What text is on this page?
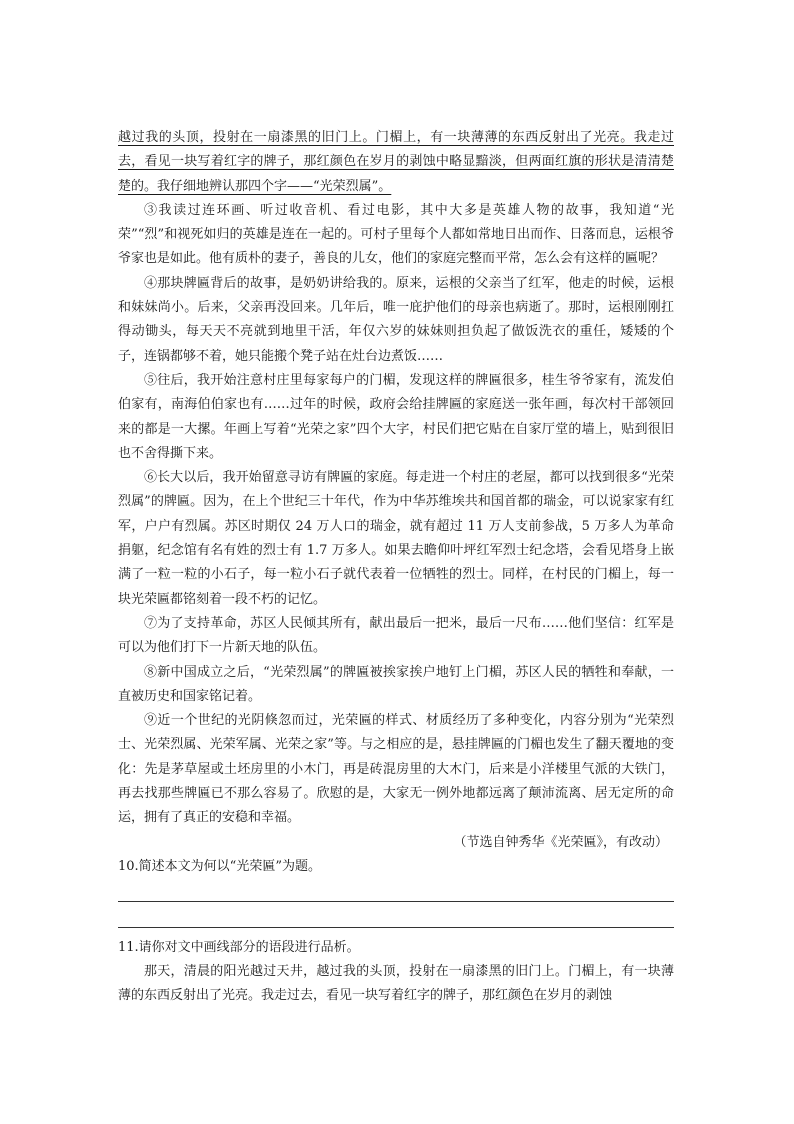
越过我的头顶，投射在一扇漆黑的旧门上。门楣上，有一块薄薄的东西反射出了光亮。我走过去，看见一块写着红字的牌子，那红颜色在岁月的剥蚀中略显黯淡，但两面红旗的形状是清清楚楚的。我仔细地辨认那四个字——“光荣烈属”。

③我读过连环画、听过收音机、看过电影，其中大多是英雄人物的故事，我知道“光荣”“烈”和视死如归的英雄是连在一起的。可村子里每个人都如常地日出而作、日落而息，运根爷爷家也是如此。他有质朴的妻子，善良的儿女，他们的家庭完整而平常，怎么会有这样的匾呢？

④那块牌匾背后的故事，是奶奶讲给我的。原来，运根的父亲当了红军，他走的时候，运根和妹妹尚小。后来，父亲再没回来。几年后，唯一庇护他们的母亲也病逝了。那时，运根刚刚扛得动锄头，每天天不亮就到地里干活，年仅六岁的妹妹则担负起了做饭洗衣的重任，矮矮的个子，连锅都够不着，她只能搬个凳子站在灶台边煮饭……

⑤往后，我开始注意村庄里每家每户的门楣，发现这样的牌匾很多，桂生爷爷家有，流发伯伯家有，南海伯伯家也有……过年的时候，政府会给挂牌匾的家庭送一张年画，每次村干部领回来的都是一大摞。年画上写着“光荣之家”四个大字，村民们把它贴在自家厅堂的墙上，贴到很旧也不舍得撕下来。

⑥长大以后，我开始留意寻访有牌匾的家庭。每走进一个村庄的老屋，都可以找到很多“光荣烈属”的牌匾。因为，在上个世纪三十年代，作为中华苏维埃共和国首都的瑞金，可以说家家有红军，户户有烈属。苏区时期仅 24 万人口的瑞金，就有超过 11 万人支前参战，5 万多人为革命捐躯，纪念馆有名有姓的烈士有 1.7 万多人。如果去瞻仰叶坪红军烈士纪念塔，会看见塔身上嵌满了一粒一粒的小石子，每一粒小石子就代表着一位牺牲的烈士。同样，在村民的门楣上，每一块光荣匾都铭刻着一段不朽的记忆。

⑦为了支持革命，苏区人民倾其所有，献出最后一把米，最后一尺布……他们坚信：红军是可以为他们打下一片新天地的队伍。

⑧新中国成立之后，“光荣烈属”的牌匾被挨家挨户地钉上门楣，苏区人民的牺牲和奉献，一直被历史和国家铭记着。

⑨近一个世纪的光阴倏忽而过，光荣匾的样式、材质经历了多种变化，内容分别为“光荣烈士、光荣烈属、光荣军属、光荣之家”等。与之相应的是，悬挂牌匾的门楣也发生了翻天覆地的变化：先是茅草屋或土坯房里的小木门，再是砖混房里的大木门，后来是小洋楼里气派的大铁门，再去找那些牌匾已不那么容易了。欣慰的是，大家无一例外地都远离了颠沛流离、居无定所的命运，拥有了真正的安稳和幸福。

（节选自钟秀华《光荣匾》，有改动）

10.简述本文为何以“光荣匾”为题。

11.请你对文中画线部分的语段进行品析。

那天，清晨的阳光越过天井，越过我的头顶，投射在一扇漆黑的旧门上。门楣上，有一块薄薄的东西反射出了光亮。我走过去，看见一块写着红字的牌子，那红颜色在岁月的剥蚀
